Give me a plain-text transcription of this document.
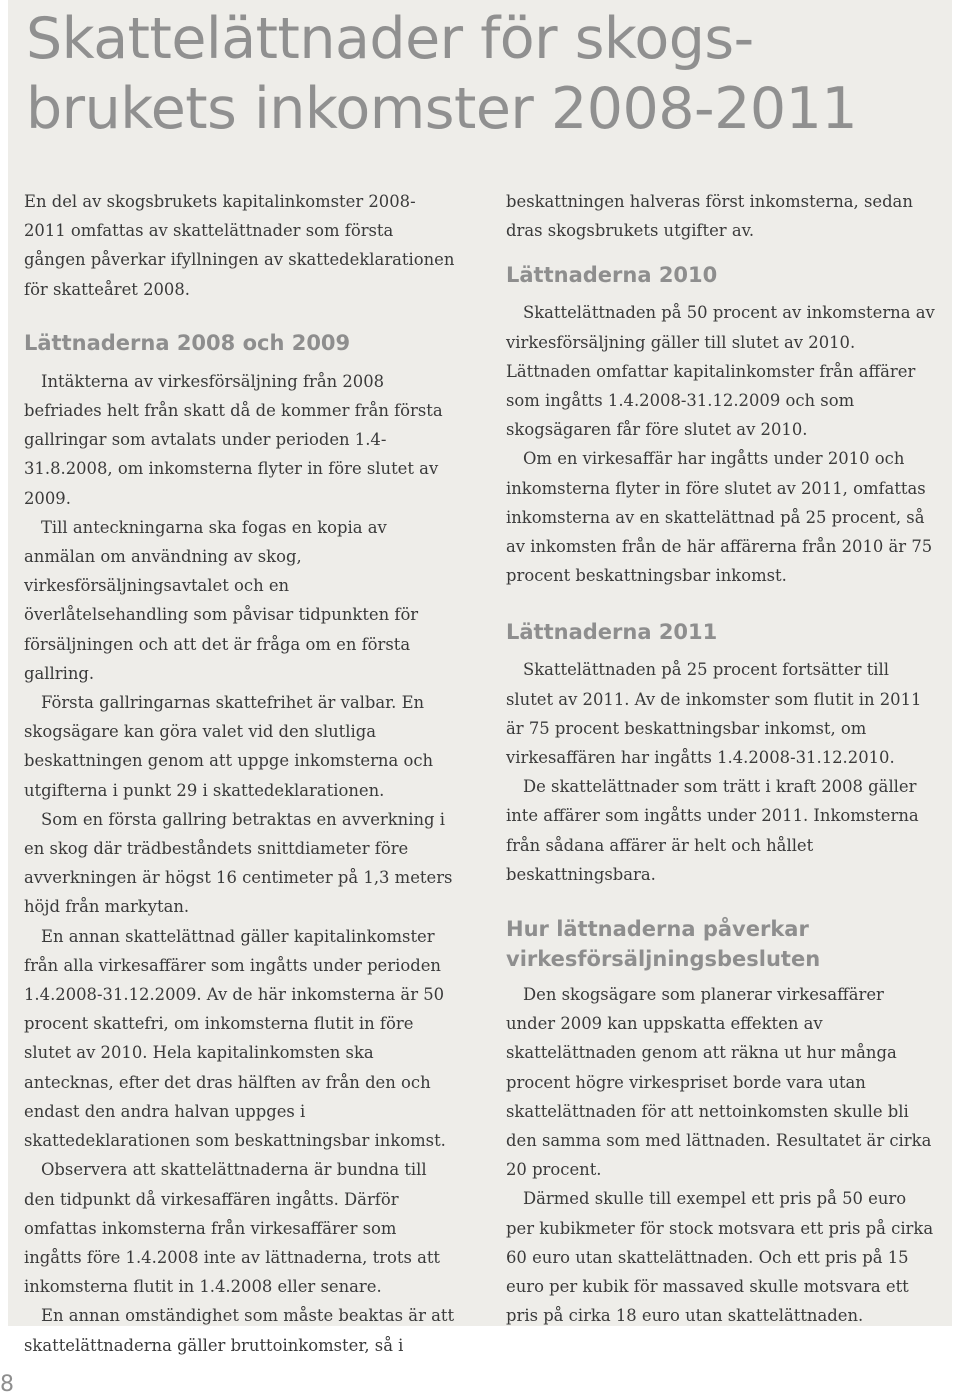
Skattelättnader för skogs-
brukets inkomster 2008-2011

En del av skogsbrukets kapitalinkomster 2008-2011 omfattas av skattelättnader som första gången påverkar ifyllningen av skattedeklarationen för skatteåret 2008.

Lättnaderna 2008 och 2009

Intäkterna av virkesförsäljning från 2008 befriades helt från skatt då de kommer från första gallringar som avtalats under perioden 1.4-31.8.2008, om inkomsterna flyter in före slutet av 2009.

Till anteckningarna ska fogas en kopia av anmälan om användning av skog, virkesförsäljningsavtalet och en överlåtelsehandling som påvisar tidpunkten för försäljningen och att det är fråga om en första gallring.

Första gallringarnas skattefrihet är valbar. En skogsägare kan göra valet vid den slutliga beskattningen genom att uppge inkomsterna och utgifterna i punkt 29 i skattedeklarationen.

Som en första gallring betraktas en avverkning i en skog där trädbeståndets snittdiameter före avverkningen är högst 16 centimeter på 1,3 meters höjd från markytan.

En annan skattelättnad gäller kapitalinkomster från alla virkesaffärer som ingåtts under perioden 1.4.2008-31.12.2009. Av de här inkomsterna är 50 procent skattefri, om inkomsterna flutit in före slutet av 2010. Hela kapitalinkomsten ska antecknas, efter det dras hälften av från den och endast den andra halvan uppges i skattedeklarationen som beskattningsbar inkomst.

Observera att skattelättnaderna är bundna till den tidpunkt då virkesaffären ingåtts. Därför omfattas inkomsterna från virkesaffärer som ingåtts före 1.4.2008 inte av lättnaderna, trots att inkomsterna flutit in 1.4.2008 eller senare.

En annan omständighet som måste beaktas är att skattelättnaderna gäller bruttoinkomster, så i

beskattningen halveras först inkomsterna, sedan dras skogsbrukets utgifter av.

Lättnaderna 2010

Skattelättnaden på 50 procent av inkomsterna av virkesförsäljning gäller till slutet av 2010. Lättnaden omfattar kapitalinkomster från affärer som ingåtts 1.4.2008-31.12.2009 och som skogsägaren får före slutet av 2010.

Om en virkesaffär har ingåtts under 2010 och inkomsterna flyter in före slutet av 2011, omfattas inkomsterna av en skattelättnad på 25 procent, så av inkomsten från de här affärerna från 2010 är 75 procent beskattningsbar inkomst.

Lättnaderna 2011

Skattelättnaden på 25 procent fortsätter till slutet av 2011. Av de inkomster som flutit in 2011 är 75 procent beskattningsbar inkomst, om virkesaffären har ingåtts 1.4.2008-31.12.2010.

De skattelättnader som trätt i kraft 2008 gäller inte affärer som ingåtts under 2011. Inkomsterna från sådana affärer är helt och hållet beskattningsbara.

Hur lättnaderna påverkar
virkesförsäljningsbesluten

Den skogsägare som planerar virkesaffärer under 2009 kan uppskatta effekten av skattelättnaden genom att räkna ut hur många procent högre virkespriset borde vara utan skattelättnaden för att nettoinkomsten skulle bli den samma som med lättnaden. Resultatet är cirka 20 procent.

Därmed skulle till exempel ett pris på 50 euro per kubikmeter för stock motsvara ett pris på cirka 60 euro utan skattelättnaden. Och ett pris på 15 euro per kubik för massaved skulle motsvara ett pris på cirka 18 euro utan skattelättnaden.

8
